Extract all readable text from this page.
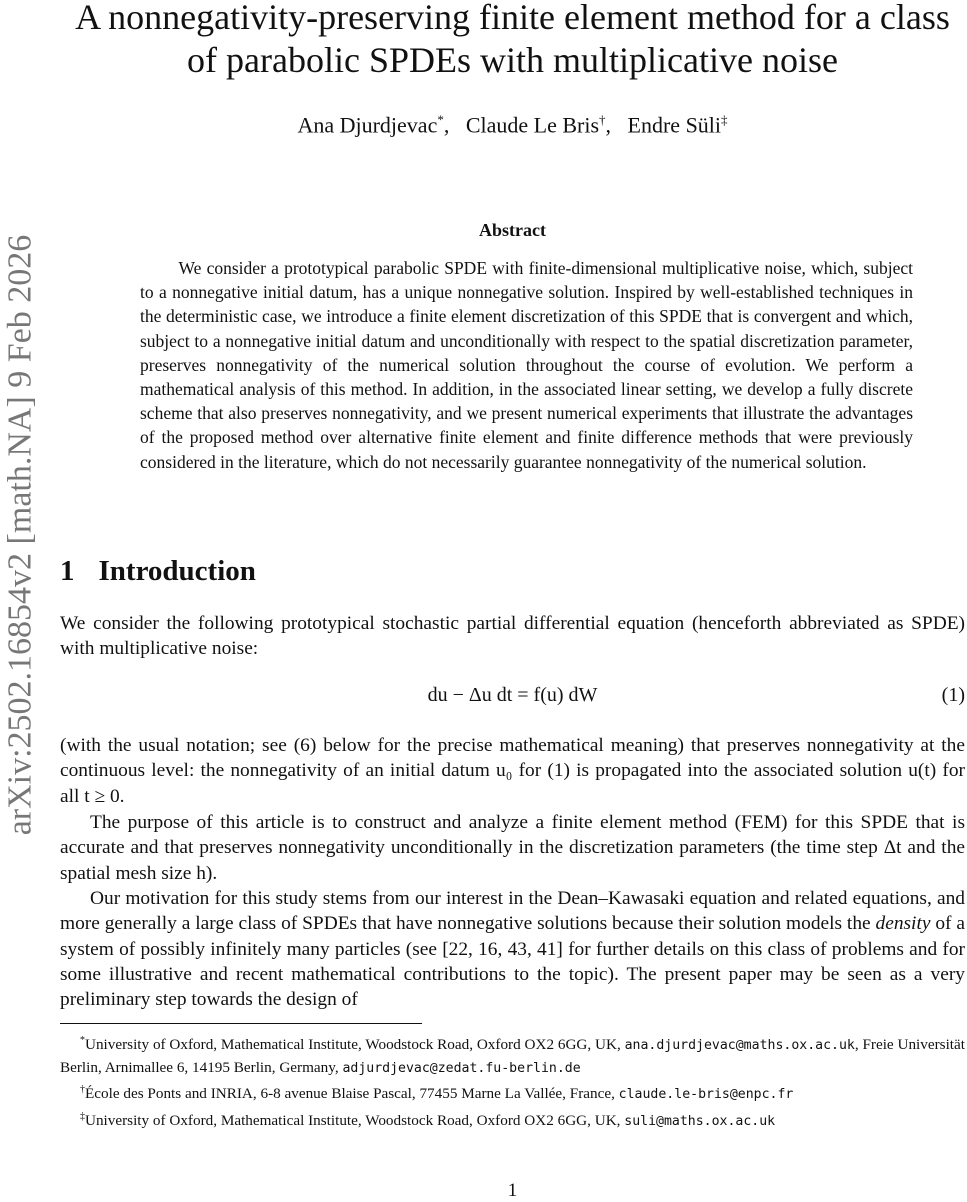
arXiv:2502.16854v2 [math.NA] 9 Feb 2026
A nonnegativity-preserving finite element method for a class
of parabolic SPDEs with multiplicative noise
Ana Djurdjevac*,   Claude Le Bris†,   Endre Süli‡
Abstract

We consider a prototypical parabolic SPDE with finite-dimensional multiplicative noise, which, subject to a nonnegative initial datum, has a unique nonnegative solution. Inspired by well-established techniques in the deterministic case, we introduce a finite element discretization of this SPDE that is convergent and which, subject to a nonnegative initial datum and unconditionally with respect to the spatial discretization parameter, preserves nonnegativity of the numerical solution throughout the course of evolution. We perform a mathematical analysis of this method. In addition, in the associated linear setting, we develop a fully discrete scheme that also preserves nonnegativity, and we present numerical experiments that illustrate the advantages of the proposed method over alternative finite element and finite difference methods that were previously considered in the literature, which do not necessarily guarantee nonnegativity of the numerical solution.

1 Introduction

We consider the following prototypical stochastic partial differential equation (henceforth abbreviated as SPDE) with multiplicative noise:

du − Δu dt = f(u) dW	(1)

(with the usual notation; see (6) below for the precise mathematical meaning) that preserves nonnegativity at the continuous level: the nonnegativity of an initial datum u₀ for (1) is propagated into the associated solution u(t) for all t ≥ 0.

The purpose of this article is to construct and analyze a finite element method (FEM) for this SPDE that is accurate and that preserves nonnegativity unconditionally in the discretization parameters (the time step Δt and the spatial mesh size h).

Our motivation for this study stems from our interest in the Dean–Kawasaki equation and related equations, and more generally a large class of SPDEs that have nonnegative solutions because their solution models the density of a system of possibly infinitely many particles (see [22, 16, 43, 41] for further details on this class of problems and for some illustrative and recent mathematical contributions to the topic). The present paper may be seen as a very preliminary step towards the design of

*University of Oxford, Mathematical Institute, Woodstock Road, Oxford OX2 6GG, UK, ana.djurdjevac@maths.ox.ac.uk, Freie Universität Berlin, Arnimallee 6, 14195 Berlin, Germany, adjurdjevac@zedat.fu-berlin.de

†École des Ponts and INRIA, 6-8 avenue Blaise Pascal, 77455 Marne La Vallée, France, claude.le-bris@enpc.fr

‡University of Oxford, Mathematical Institute, Woodstock Road, Oxford OX2 6GG, UK, suli@maths.ox.ac.uk

1
